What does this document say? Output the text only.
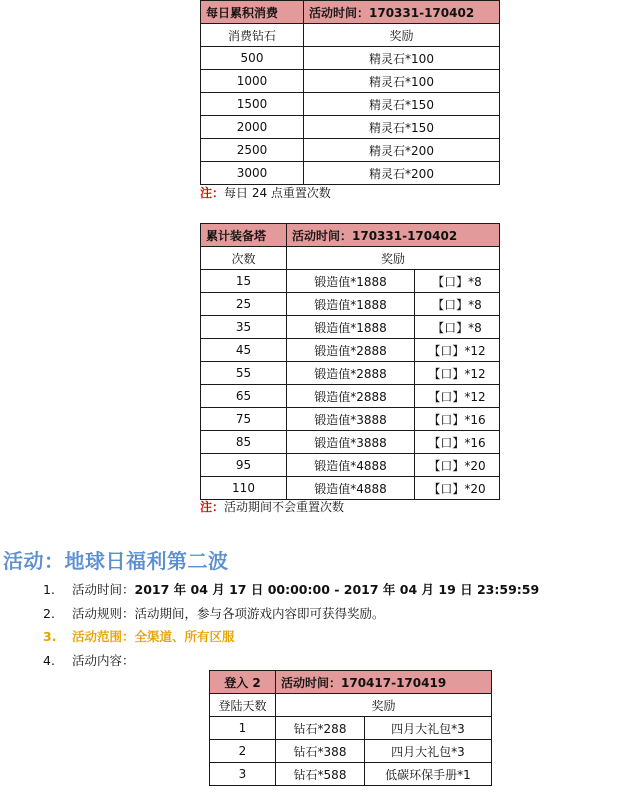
每日累积消费	活动时间：170331-170402
消费钻石	奖励
500	精灵石*100
1000	精灵石*100
1500	精灵石*150
2000	精灵石*150
2500	精灵石*200
3000	精灵石*200
注：每日 24 点重置次数
累计装备塔	活动时间：170331-170402	
次数	奖励	
15	锻造值*1888	【口】*8
25	锻造值*1888	【口】*8
35	锻造值*1888	【口】*8
45	锻造值*2888	【口】*12
55	锻造值*2888	【口】*12
65	锻造值*2888	【口】*12
75	锻造值*3888	【口】*16
85	锻造值*3888	【口】*16
95	锻造值*4888	【口】*20
110	锻造值*4888	【口】*20
注：活动期间不会重置次数
活动：地球日福利第二波
1.	活动时间：2017 年 04 月 17 日 00:00:00 - 2017 年 04 月 19 日 23:59:59
2.	活动规则：活动期间，参与各项游戏内容即可获得奖励。
3.	活动范围：全渠道、所有区服
4.	活动内容：
登入 2	活动时间：170417-170419	
登陆天数	奖励	
1	钻石*288	四月大礼包*3
2	钻石*388	四月大礼包*3
3	钻石*588	低碳环保手册*1
